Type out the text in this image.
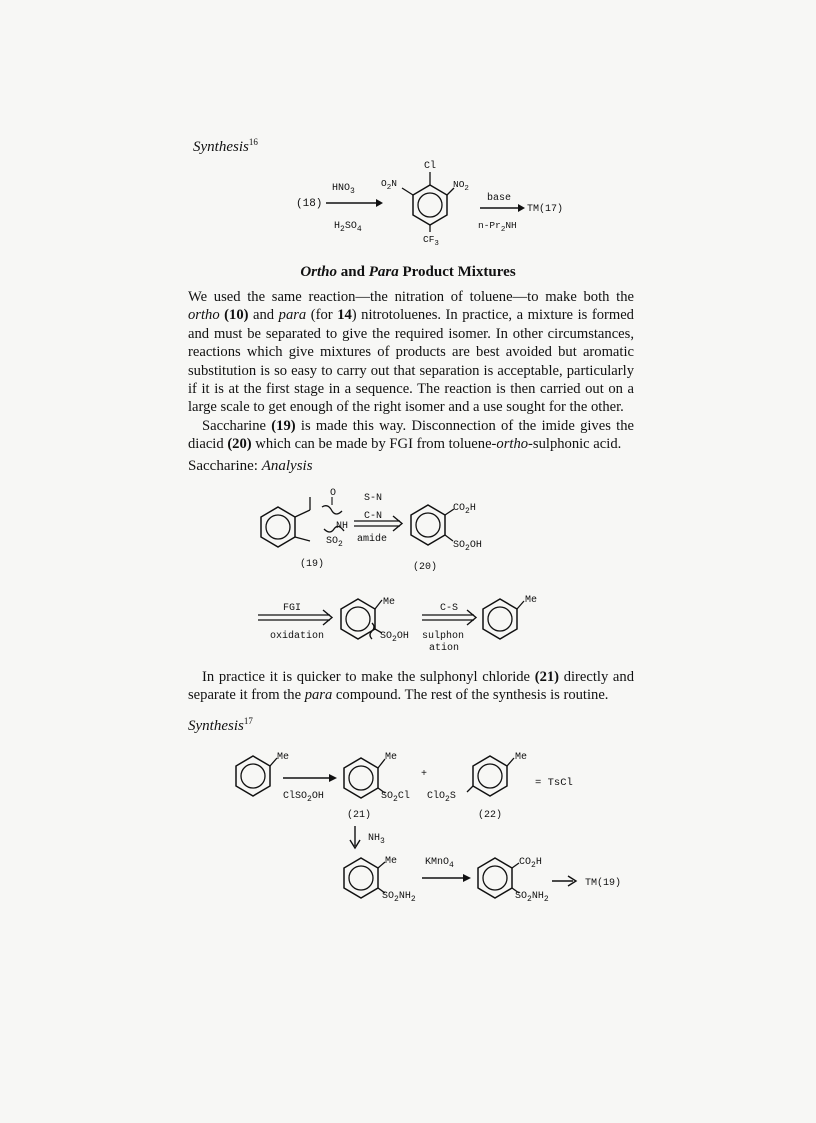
Synthesis$^{16}$
(18)
$HNO_3$
$H_2SO_4$
Cl
$O_2N$	$NO_2$
$CF_3$
base
TM(17)
$n-Pr_2NH$
Ortho and Para Product Mixtures

We used the same reaction—the nitration of toluene—to make both the ortho (10) and para (for 14) nitrotoluenes. In practice, a mixture is formed and must be separated to give the required isomer. In other circumstances, reactions which give mixtures of products are best avoided but aromatic substitution is so easy to carry out that separation is acceptable, particularly if it is at the first stage in a sequence. The reaction is then carried out on a large scale to get enough of the right isomer and a use sought for the other.

Saccharine (19) is made this way. Disconnection of the imide gives the diacid (20) which can be made by FGI from toluene-ortho-sulphonic acid.

Saccharine: Analysis
O
NH
$SO_2$
S-N
C-N
amide
$CO_2H$
$SO_2OH$
(19)	(20)
FGI
oxidation
Me
$SO_2OH$
C-S
sulphon
ation
Me
In practice it is quicker to make the sulphonyl chloride (21) directly and separate it from the para compound. The rest of the synthesis is routine.
Synthesis$^{17}$
Me
ClSO$_2$OH
Me
$SO_2Cl$
+
ClO$_2$S
Me
= TsCl
(21)	(22)
$NH_3$
Me
$SO_2NH_2$
KMnO$_4$	$CO_2H$
$SO_2NH_2$
TM(19)
